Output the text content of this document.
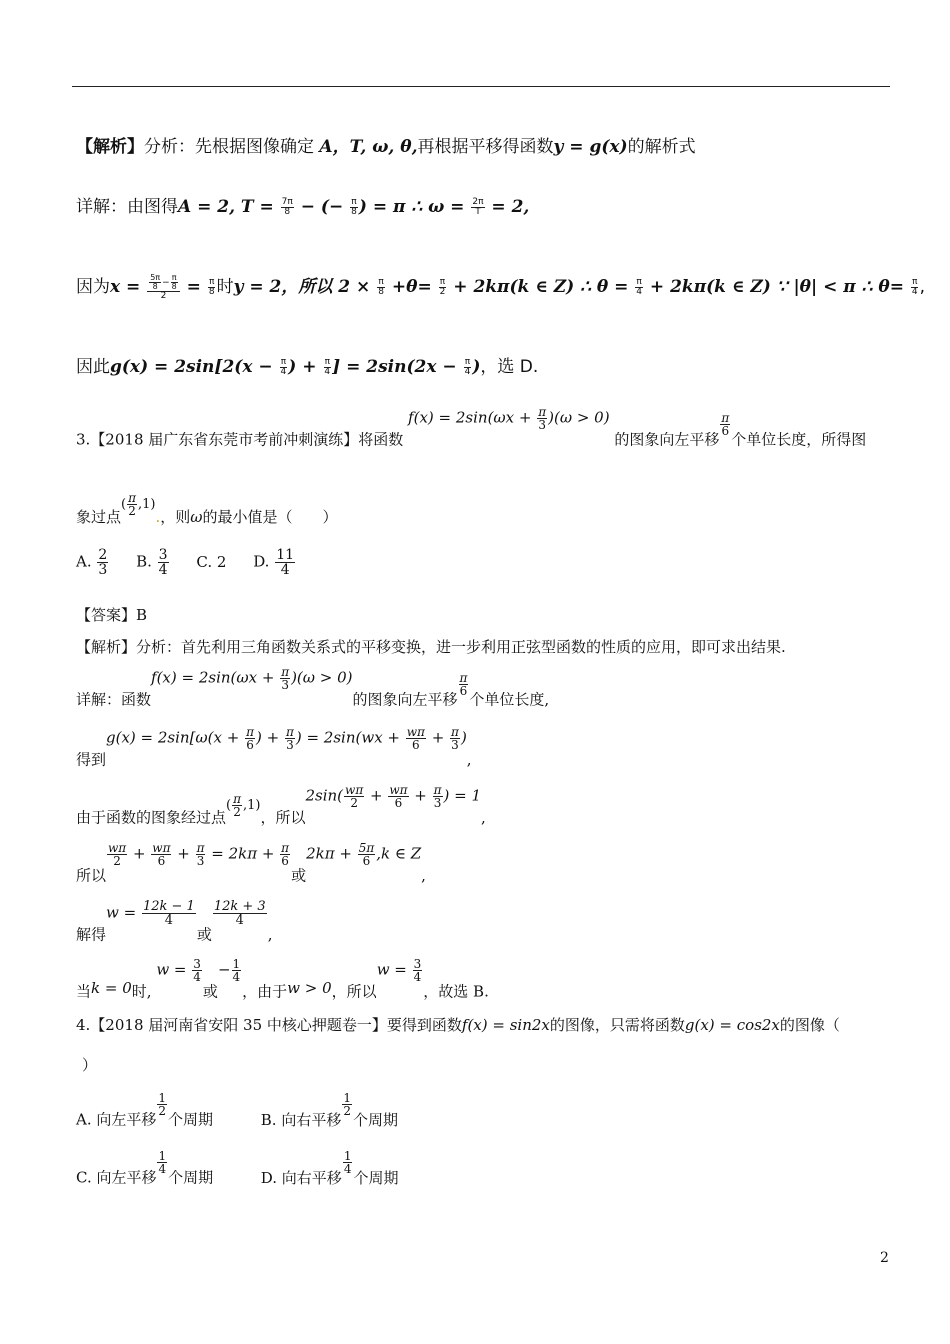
【解析】分析：先根据图像确定 A，T, ω, θ,再根据平移得函数y = g(x)的解析式
详解：由图得A = 2, $T = \frac{7\pi}{8}$ − (− $\frac{\pi}{8}$ ) = π ∴ $\omega = \frac{2\pi}{T} = 2$,
因为$x = \frac{\frac{5\pi}{8} - \frac{\pi}{8}}{2} = \frac{\pi}{8}$ 时y = 2，所以 $2 \times \frac{\pi}{8} +\theta= \frac{\pi}{2} + 2k\pi(k$ ∈ Z) ∴ $\theta = \frac{\pi}{4} + 2k\pi(k$ ∈ Z) ∵ |θ| < π ∴ $\theta= \frac{\pi}{4}$ ,
因此$g(x) = 2\sin[2(x - \frac{\pi}{4}$ ) + $\frac{\pi}{4}$ ] = $2\sin(2x - \frac{\pi}{4}$ )，选 D.
3.【2018 届广东省东莞市考前冲刺演练】将函数 $f(x) = 2\sin(\omega x + \frac{\pi}{3} )(\omega > 0)$ 的图象向左平移
$\frac{\pi}{6}$
个单位长度，所得图
象过点( $\frac{\pi}{2} ,1$).，则ω的最小值是（　　）
A. $\frac{2}{3} B$. $\frac{3}{4} C$. 2 D. $\frac{11}{4}$
【答案】B
【解析】分析：首先利用三角函数关系式的平移变换，进一步利用正弦型函数的性质的应用，即可求出结果.
详解：函数$f(x) = 2\sin(\omega x + \frac{\pi}{3} )(\omega > 0)$的图象向左平移
$\frac{\pi}{6}$
个单位长度,
得到$g(x) = 2\sin[\omega(x + \frac{\pi}{6}$ ) + $\frac{\pi}{3}$ ) = $2\sin(wx + \frac{w\pi}{6} + \frac{\pi}{3}$ ),
由于函数的图象经过点( $\frac{\pi}{2} ,1$)，所以$2\sin( \frac{w\pi}{2} + \frac{w\pi}{6} + \frac{\pi}{3}$ ) = 1,
所以
$\frac{w\pi}{2} + \frac{w\pi}{6} + \frac{\pi}{3} = 2k\pi + \frac{\pi}{6}$
或$2k\pi + \frac{5\pi}{6} ,k$ ∈ Z,
解得$w = \frac{12k - 1}{4}$
或
$\frac{12k + 3}{4}$
,
当k = 0时, $w = \frac{3}{4}$
或− $\frac{1}{4}$
，由于w > 0，所以$w = \frac{3}{4}$
，故选 B.
4.【2018 届河南省安阳 35 中核心押题卷一】要得到函数f(x) = sin2x的图像，只需将函数g(x) = cos2x的图像（
）
A. 向左平移
$\frac{1}{2}$
个周期	B. 向右平移
$\frac{1}{2}$
个周期
C. 向左平移
$\frac{1}{4}$
个周期	D. 向右平移
$\frac{1}{4}$
个周期
2
